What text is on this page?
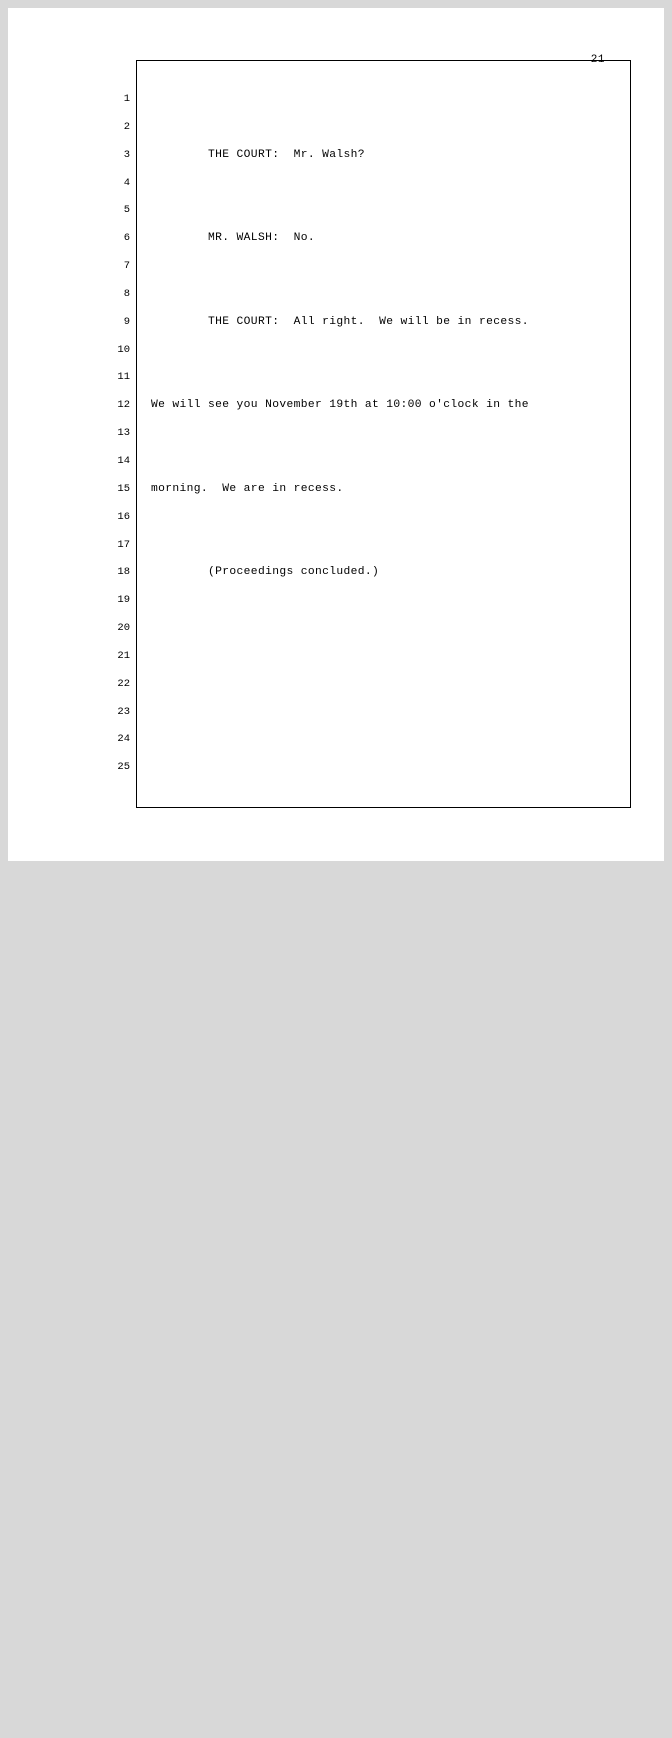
21
1
2
3
4
5
6
7
8
9
10
11
12
13
14
15
16
17
18
19
20
21
22
23
24
25

THE COURT:  Mr. Walsh?

MR. WALSH:  No.

THE COURT:  All right.  We will be in recess.

We will see you November 19th at 10:00 o'clock in the

morning.  We are in recess.

(Proceedings concluded.)
